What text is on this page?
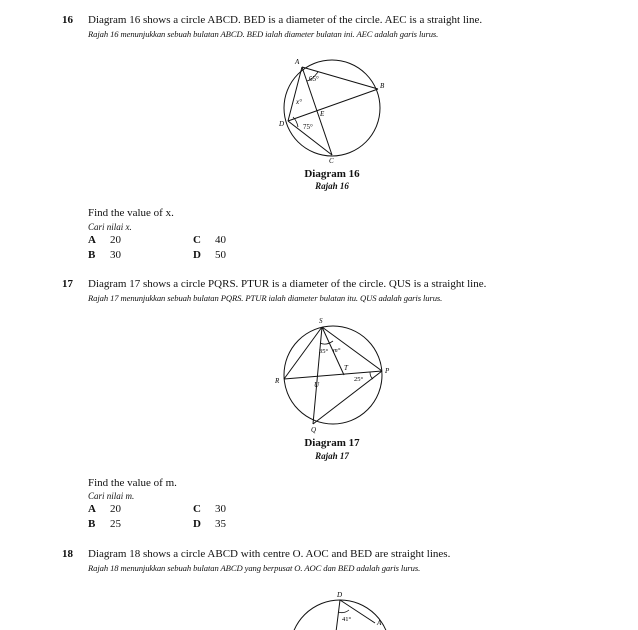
16 Diagram 16 shows a circle ABCD. BED is a diameter of the circle. AEC is a straight line.
Rajah 16 menunjukkan sebuah bulatan ABCD. BED ialah diameter bulatan ini. AEC adalah garis lurus.
A
B
C
D
E
65°
x°
75°
Diagram 16
Rajah 16
Find the value of x.
Cari nilai x.
A 20
B 30
C 40
D 50
17 Diagram 17 shows a circle PQRS. PTUR is a diameter of the circle. QUS is a straight line.
Rajah 17 menunjukkan sebuah bulatan PQRS. PTUR ialah diameter bulatan itu. QUS adalah garis lurus.
S
R
P
Q
T
U
35° m°
25°
Diagram 17
Rajah 17
Find the value of m.
Cari nilai m.
A 20
B 25
C 30
D 35
18 Diagram 18 shows a circle ABCD with centre O. AOC and BED are straight lines.
Rajah 18 menunjukkan sebuah bulatan ABCD yang berpusat O. AOC dan BED adalah garis lurus.
D
A
41°
